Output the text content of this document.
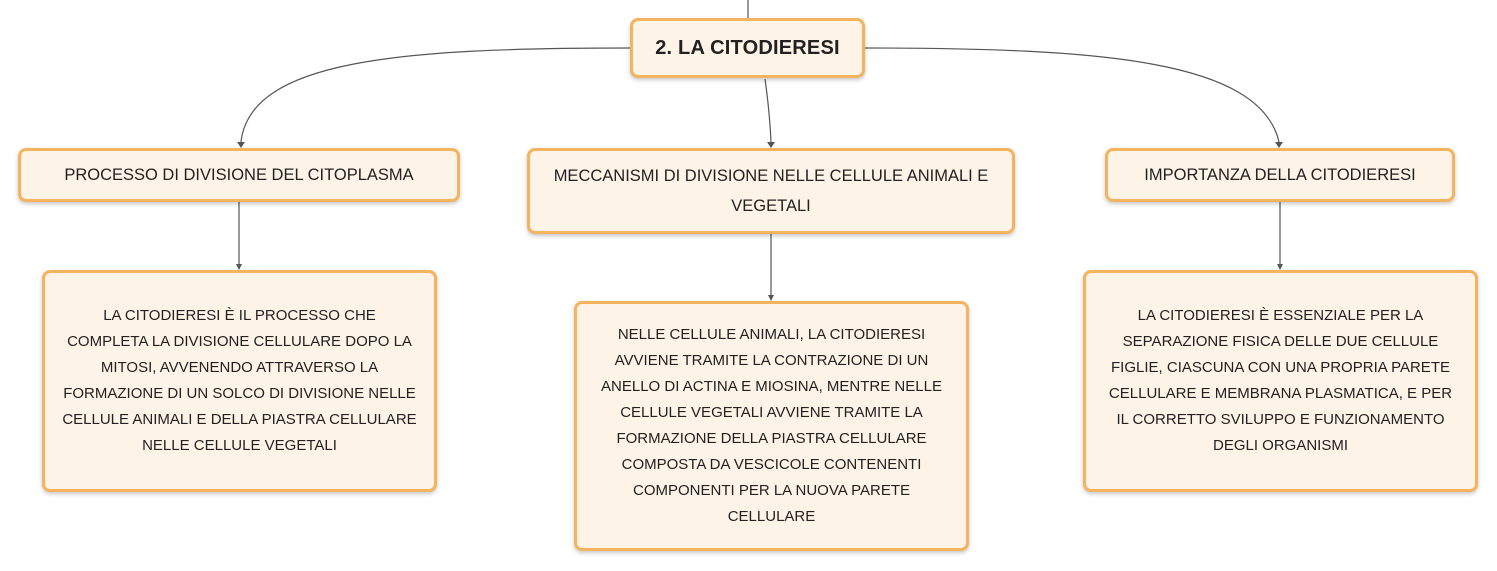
2. LA CITODIERESI
PROCESSO DI DIVISIONE DEL CITOPLASMA	MECCANISMI DI DIVISIONE NELLE CELLULE ANIMALI E VEGETALI
IMPORTANZA DELLA CITODIERESI
LA CITODIERESI È IL PROCESSO CHE COMPLETA LA DIVISIONE CELLULARE DOPO LA MITOSI, AVVENENDO ATTRAVERSO LA FORMAZIONE DI UN SOLCO DI DIVISIONE NELLE CELLULE ANIMALI E DELLA PIASTRA CELLULARE NELLE CELLULE VEGETALI
NELLE CELLULE ANIMALI, LA CITODIERESI AVVIENE TRAMITE LA CONTRAZIONE DI UN ANELLO DI ACTINA E MIOSINA, MENTRE NELLE CELLULE VEGETALI AVVIENE TRAMITE LA FORMAZIONE DELLA PIASTRA CELLULARE COMPOSTA DA VESCICOLE CONTENENTI COMPONENTI PER LA NUOVA PARETE CELLULARE
LA CITODIERESI È ESSENZIALE PER LA SEPARAZIONE FISICA DELLE DUE CELLULE FIGLIE, CIASCUNA CON UNA PROPRIA PARETE CELLULARE E MEMBRANA PLASMATICA, E PER IL CORRETTO SVILUPPO E FUNZIONAMENTO DEGLI ORGANISMI
